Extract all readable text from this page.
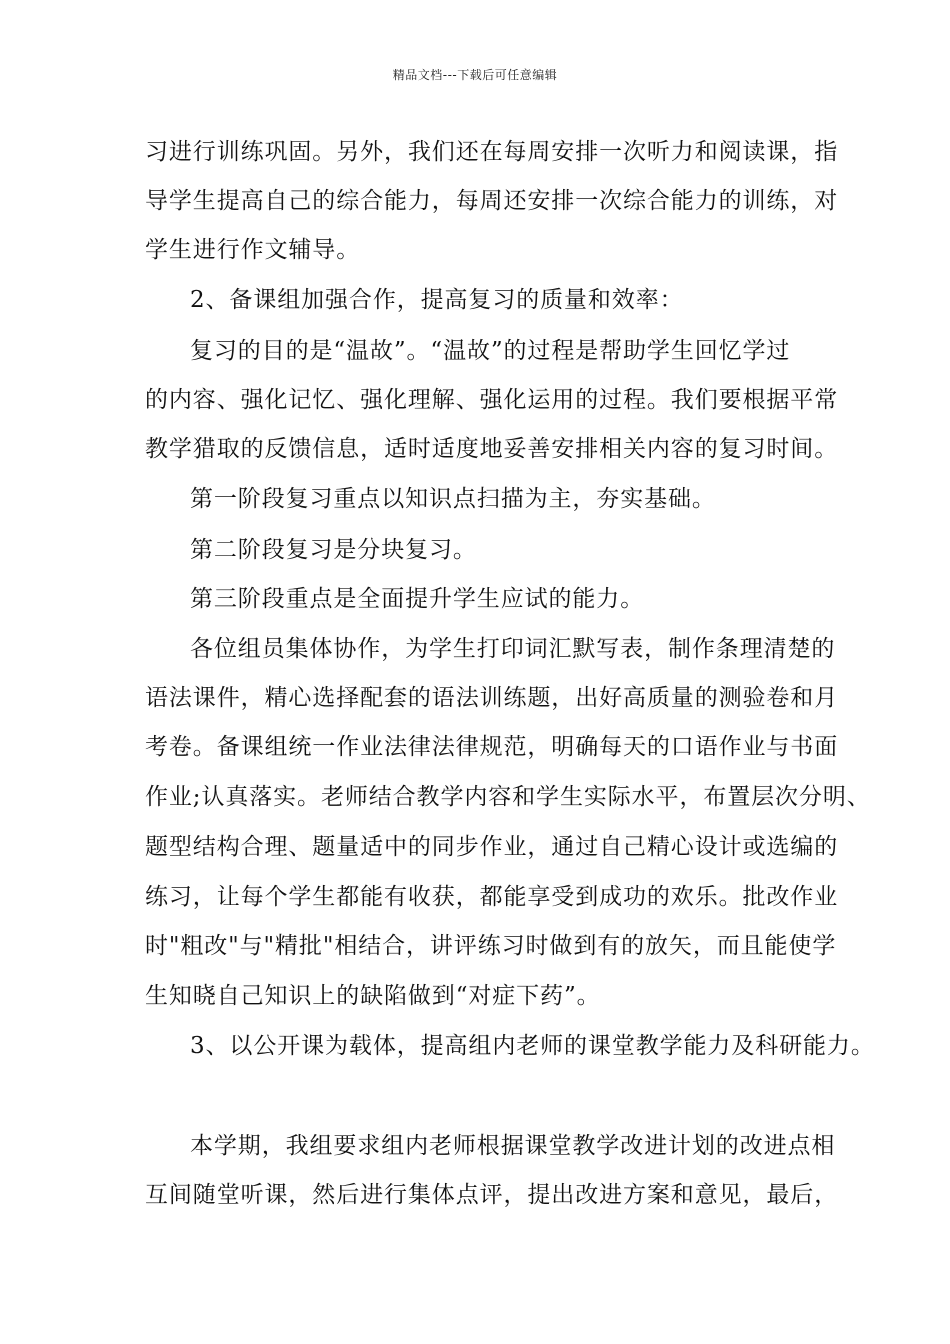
精品文档---下载后可任意编辑
习进行训练巩固。另外，我们还在每周安排一次听力和阅读课，指
导学生提高自己的综合能力，每周还安排一次综合能力的训练，对
学生进行作文辅导。
2、备课组加强合作，提高复习的质量和效率：
复习的目的是“温故”。“温故”的过程是帮助学生回忆学过
的内容、强化记忆、强化理解、强化运用的过程。我们要根据平常
教学猎取的反馈信息，适时适度地妥善安排相关内容的复习时间。
第一阶段复习重点以知识点扫描为主，夯实基础。
第二阶段复习是分块复习。
第三阶段重点是全面提升学生应试的能力。
各位组员集体协作，为学生打印词汇默写表，制作条理清楚的
语法课件，精心选择配套的语法训练题，出好高质量的测验卷和月
考卷。备课组统一作业法律法律规范，明确每天的口语作业与书面
作业;认真落实。老师结合教学内容和学生实际水平，布置层次分明、
题型结构合理、题量适中的同步作业，通过自己精心设计或选编的
练习，让每个学生都能有收获，都能享受到成功的欢乐。批改作业
时"粗改"与"精批"相结合，讲评练习时做到有的放矢，而且能使学
生知晓自己知识上的缺陷做到“对症下药”。
3、以公开课为载体，提高组内老师的课堂教学能力及科研能力。
本学期，我组要求组内老师根据课堂教学改进计划的改进点相
互间随堂听课，然后进行集体点评，提出改进方案和意见，最后，
